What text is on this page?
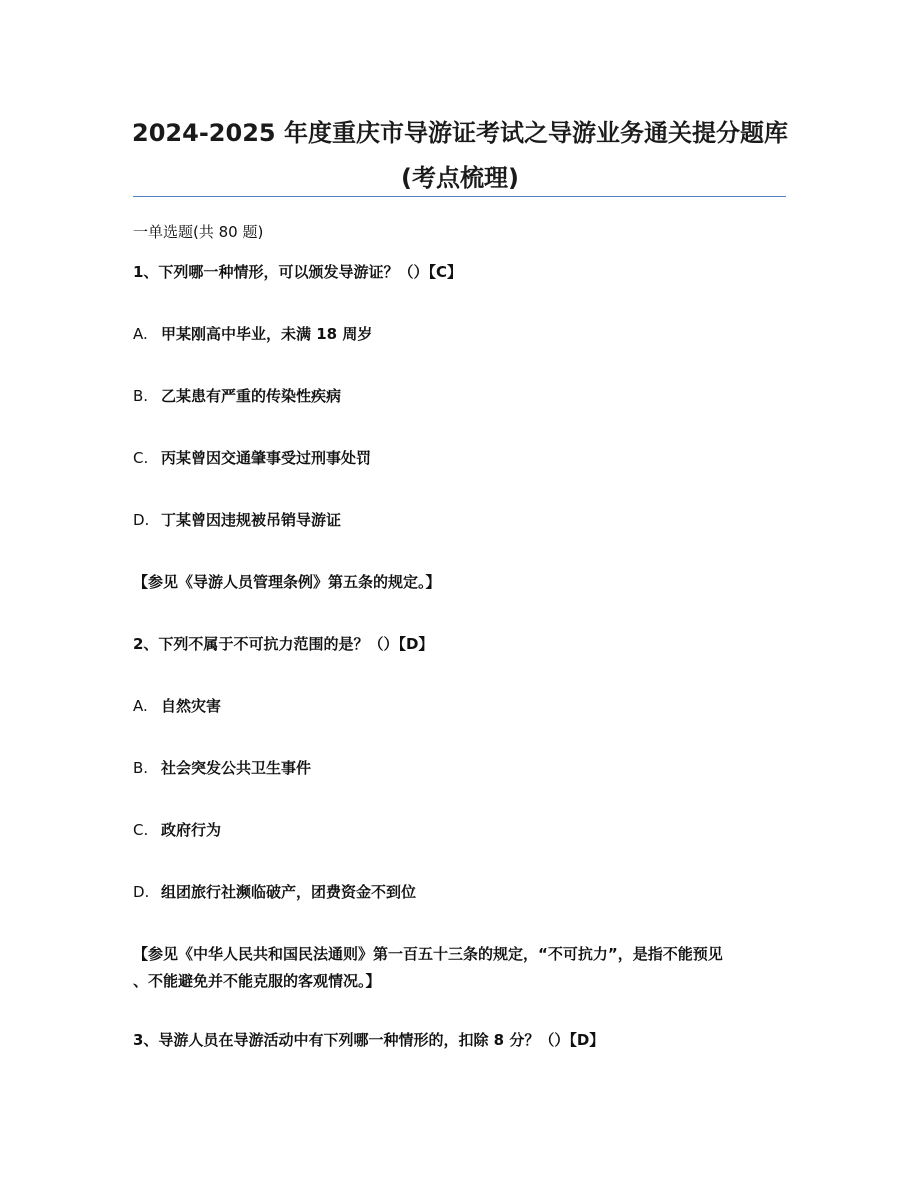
2024-2025 年度重庆市导游证考试之导游业务通关提分题库
(考点梳理)
一单选题(共 80 题)
1、下列哪一种情形，可以颁发导游证？（）【C】
A. 甲某刚高中毕业，未满 18 周岁
B. 乙某患有严重的传染性疾病
C. 丙某曾因交通肇事受过刑事处罚
D. 丁某曾因违规被吊销导游证
【参见《导游人员管理条例》第五条的规定。】
2、下列不属于不可抗力范围的是？（）【D】
A. 自然灾害
B. 社会突发公共卫生事件
C. 政府行为
D. 组团旅行社濒临破产，团费资金不到位
【参见《中华人民共和国民法通则》第一百五十三条的规定，“不可抗力”，是指不能预见
、不能避免并不能克服的客观情况。】
3、导游人员在导游活动中有下列哪一种情形的，扣除 8 分？（）【D】
